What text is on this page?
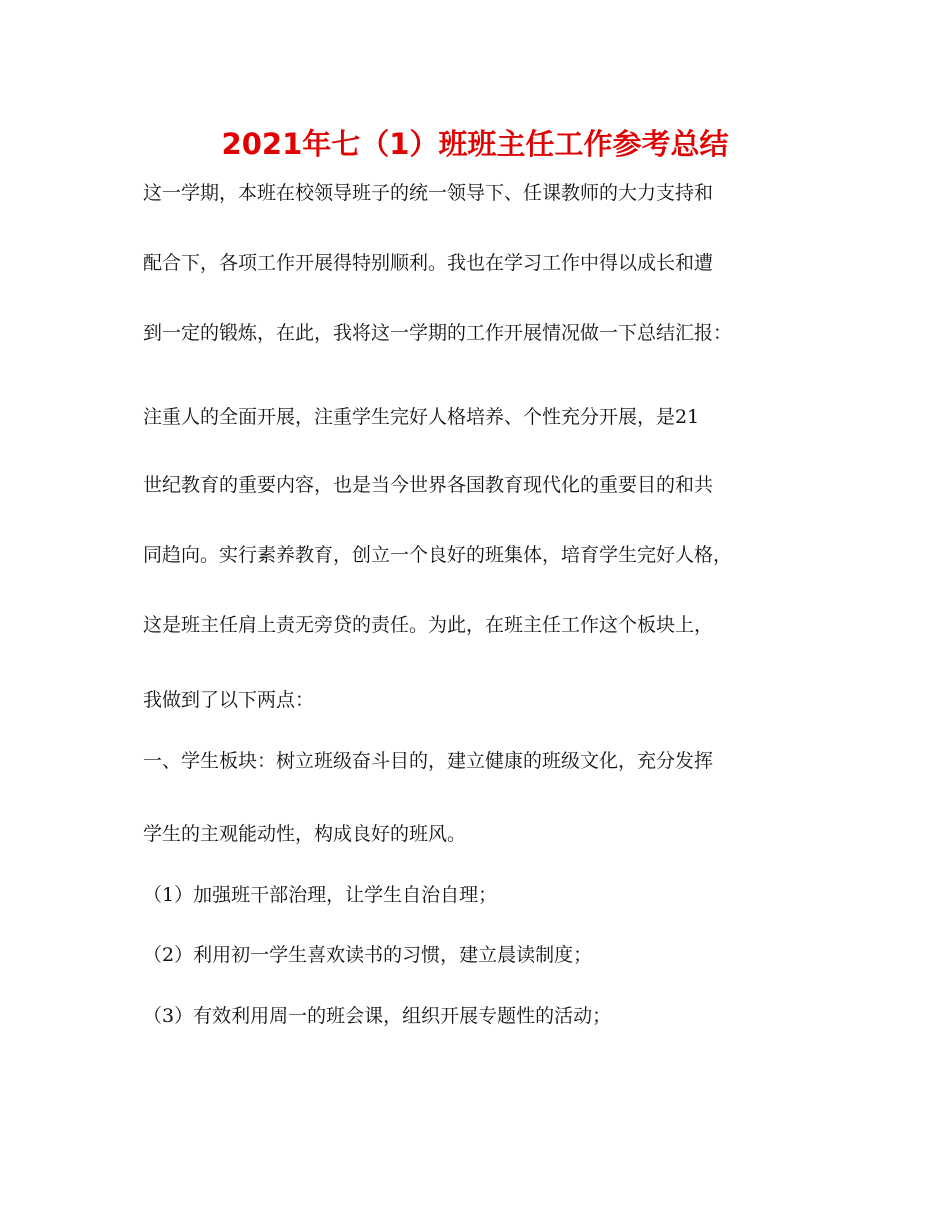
2021年七（1）班班主任工作参考总结
这一学期，本班在校领导班子的统一领导下、任课教师的大力支持和
配合下，各项工作开展得特别顺利。我也在学习工作中得以成长和遭
到一定的锻炼，在此，我将这一学期的工作开展情况做一下总结汇报：
注重人的全面开展，注重学生完好人格培养、个性充分开展，是21
世纪教育的重要内容，也是当今世界各国教育现代化的重要目的和共
同趋向。实行素养教育，创立一个良好的班集体，培育学生完好人格，
这是班主任肩上责无旁贷的责任。为此，在班主任工作这个板块上，
我做到了以下两点：
一、学生板块：树立班级奋斗目的，建立健康的班级文化，充分发挥
学生的主观能动性，构成良好的班风。
（1）加强班干部治理，让学生自治自理；
（2）利用初一学生喜欢读书的习惯，建立晨读制度；
（3）有效利用周一的班会课，组织开展专题性的活动；
